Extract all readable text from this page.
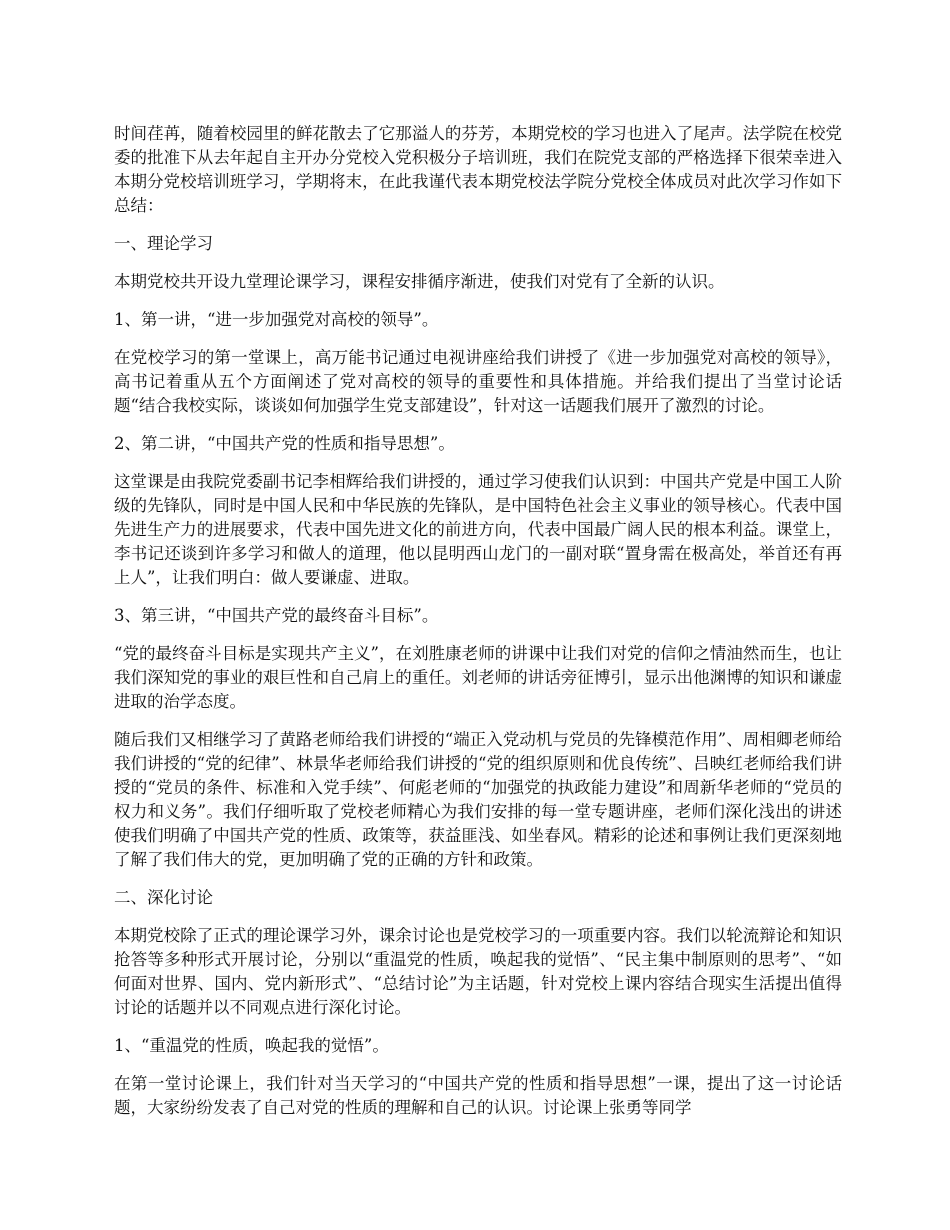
时间荏苒，随着校园里的鲜花散去了它那溢人的芬芳，本期党校的学习也进入了尾声。法学院在校党委的批准下从去年起自主开办分党校入党积极分子培训班，我们在院党支部的严格选择下很荣幸进入本期分党校培训班学习，学期将末，在此我谨代表本期党校法学院分党校全体成员对此次学习作如下总结：

一、理论学习

本期党校共开设九堂理论课学习，课程安排循序渐进，使我们对党有了全新的认识。

1、第一讲，“进一步加强党对高校的领导”。

在党校学习的第一堂课上，高万能书记通过电视讲座给我们讲授了《进一步加强党对高校的领导》，高书记着重从五个方面阐述了党对高校的领导的重要性和具体措施。并给我们提出了当堂讨论话题“结合我校实际，谈谈如何加强学生党支部建设”，针对这一话题我们展开了激烈的讨论。

2、第二讲，“中国共产党的性质和指导思想”。

这堂课是由我院党委副书记李相辉给我们讲授的，通过学习使我们认识到：中国共产党是中国工人阶级的先锋队，同时是中国人民和中华民族的先锋队，是中国特色社会主义事业的领导核心。代表中国先进生产力的进展要求，代表中国先进文化的前进方向，代表中国最广阔人民的根本利益。课堂上，李书记还谈到许多学习和做人的道理，他以昆明西山龙门的一副对联“置身需在极高处，举首还有再上人”，让我们明白：做人要谦虚、进取。

3、第三讲，“中国共产党的最终奋斗目标”。

“党的最终奋斗目标是实现共产主义”，在刘胜康老师的讲课中让我们对党的信仰之情油然而生，也让我们深知党的事业的艰巨性和自己肩上的重任。刘老师的讲话旁征博引，显示出他渊博的知识和谦虚进取的治学态度。

随后我们又相继学习了黄路老师给我们讲授的“端正入党动机与党员的先锋模范作用”、周相卿老师给我们讲授的“党的纪律”、林景华老师给我们讲授的“党的组织原则和优良传统”、吕映红老师给我们讲授的“党员的条件、标准和入党手续”、何彪老师的“加强党的执政能力建设”和周新华老师的“党员的权力和义务”。我们仔细听取了党校老师精心为我们安排的每一堂专题讲座，老师们深化浅出的讲述使我们明确了中国共产党的性质、政策等，获益匪浅、如坐春风。精彩的论述和事例让我们更深刻地了解了我们伟大的党，更加明确了党的正确的方针和政策。

二、深化讨论

本期党校除了正式的理论课学习外，课余讨论也是党校学习的一项重要内容。我们以轮流辩论和知识抢答等多种形式开展讨论，分别以“重温党的性质，唤起我的觉悟”、“民主集中制原则的思考”、“如何面对世界、国内、党内新形式”、“总结讨论”为主话题，针对党校上课内容结合现实生活提出值得讨论的话题并以不同观点进行深化讨论。

1、“重温党的性质，唤起我的觉悟”。

在第一堂讨论课上，我们针对当天学习的“中国共产党的性质和指导思想”一课，提出了这一讨论话题，大家纷纷发表了自己对党的性质的理解和自己的认识。讨论课上张勇等同学
